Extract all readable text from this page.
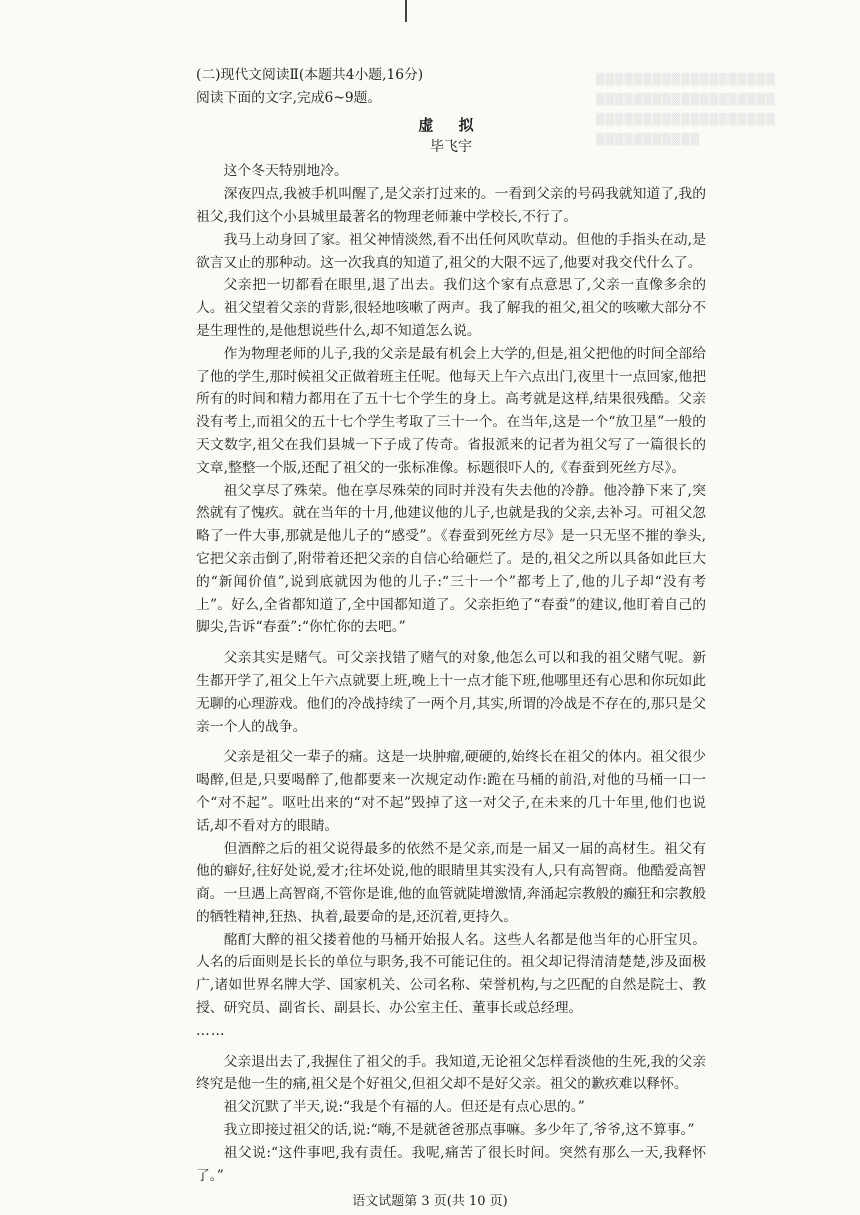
▒▒▒▒▒▒▒▒▒▒▒▒▒▒▒▒▒▒▒
▒▒▒▒▒▒▒▒▒▒▒▒▒▒▒▒▒▒▒
▒▒▒▒▒▒▒▒▒▒▒▒▒▒▒▒▒▒▒
▒▒▒▒▒▒▒▒▒▒▒

(二)现代文阅读Ⅱ(本题共4小题,16分)

阅读下面的文字,完成6~9题。

虚 拟

毕飞宇

这个冬天特别地冷。

深夜四点,我被手机叫醒了,是父亲打过来的。一看到父亲的号码我就知道了,我的祖父,我们这个小县城里最著名的物理老师兼中学校长,不行了。

我马上动身回了家。祖父神情淡然,看不出任何风吹草动。但他的手指头在动,是欲言又止的那种动。这一次我真的知道了,祖父的大限不远了,他要对我交代什么了。

父亲把一切都看在眼里,退了出去。我们这个家有点意思了,父亲一直像多余的人。祖父望着父亲的背影,很轻地咳嗽了两声。我了解我的祖父,祖父的咳嗽大部分不是生理性的,是他想说些什么,却不知道怎么说。

作为物理老师的儿子,我的父亲是最有机会上大学的,但是,祖父把他的时间全部给了他的学生,那时候祖父正做着班主任呢。他每天上午六点出门,夜里十一点回家,他把所有的时间和精力都用在了五十七个学生的身上。高考就是这样,结果很残酷。父亲没有考上,而祖父的五十七个学生考取了三十一个。在当年,这是一个“放卫星”一般的天文数字,祖父在我们县城一下子成了传奇。省报派来的记者为祖父写了一篇很长的文章,整整一个版,还配了祖父的一张标准像。标题很吓人的,《春蚕到死丝方尽》。

祖父享尽了殊荣。他在享尽殊荣的同时并没有失去他的冷静。他冷静下来了,突然就有了愧疚。就在当年的十月,他建议他的儿子,也就是我的父亲,去补习。可祖父忽略了一件大事,那就是他儿子的“感受”。《春蚕到死丝方尽》是一只无坚不摧的拳头,它把父亲击倒了,附带着还把父亲的自信心给砸烂了。是的,祖父之所以具备如此巨大的“新闻价值”,说到底就因为他的儿子:“三十一个”都考上了,他的儿子却“没有考上”。好么,全省都知道了,全中国都知道了。父亲拒绝了“春蚕”的建议,他盯着自己的脚尖,告诉“春蚕”:“你忙你的去吧。”

父亲其实是赌气。可父亲找错了赌气的对象,他怎么可以和我的祖父赌气呢。新生都开学了,祖父上午六点就要上班,晚上十一点才能下班,他哪里还有心思和你玩如此无聊的心理游戏。他们的冷战持续了一两个月,其实,所谓的冷战是不存在的,那只是父亲一个人的战争。

父亲是祖父一辈子的痛。这是一块肿瘤,硬硬的,始终长在祖父的体内。祖父很少喝醉,但是,只要喝醉了,他都要来一次规定动作:跪在马桶的前沿,对他的马桶一口一个“对不起”。呕吐出来的“对不起”毁掉了这一对父子,在未来的几十年里,他们也说话,却不看对方的眼睛。

但酒醉之后的祖父说得最多的依然不是父亲,而是一届又一届的高材生。祖父有他的癖好,往好处说,爱才;往坏处说,他的眼睛里其实没有人,只有高智商。他酷爱高智商。一旦遇上高智商,不管你是谁,他的血管就陡增激情,奔涌起宗教般的癫狂和宗教般的牺牲精神,狂热、执着,最要命的是,还沉着,更持久。

酩酊大醉的祖父搂着他的马桶开始报人名。这些人名都是他当年的心肝宝贝。人名的后面则是长长的单位与职务,我不可能记住的。祖父却记得清清楚楚,涉及面极广,诸如世界名牌大学、国家机关、公司名称、荣誉机构,与之匹配的自然是院士、教授、研究员、副省长、副县长、办公室主任、董事长或总经理。

……

父亲退出去了,我握住了祖父的手。我知道,无论祖父怎样看淡他的生死,我的父亲终究是他一生的痛,祖父是个好祖父,但祖父却不是好父亲。祖父的歉疚难以释怀。

祖父沉默了半天,说:“我是个有福的人。但还是有点心思的。”

我立即接过祖父的话,说:“嗨,不是就爸爸那点事嘛。多少年了,爷爷,这不算事。”

祖父说:“这件事吧,我有责任。我呢,痛苦了很长时间。突然有那么一天,我释怀了。”

语文试题第 3 页(共 10 页)
